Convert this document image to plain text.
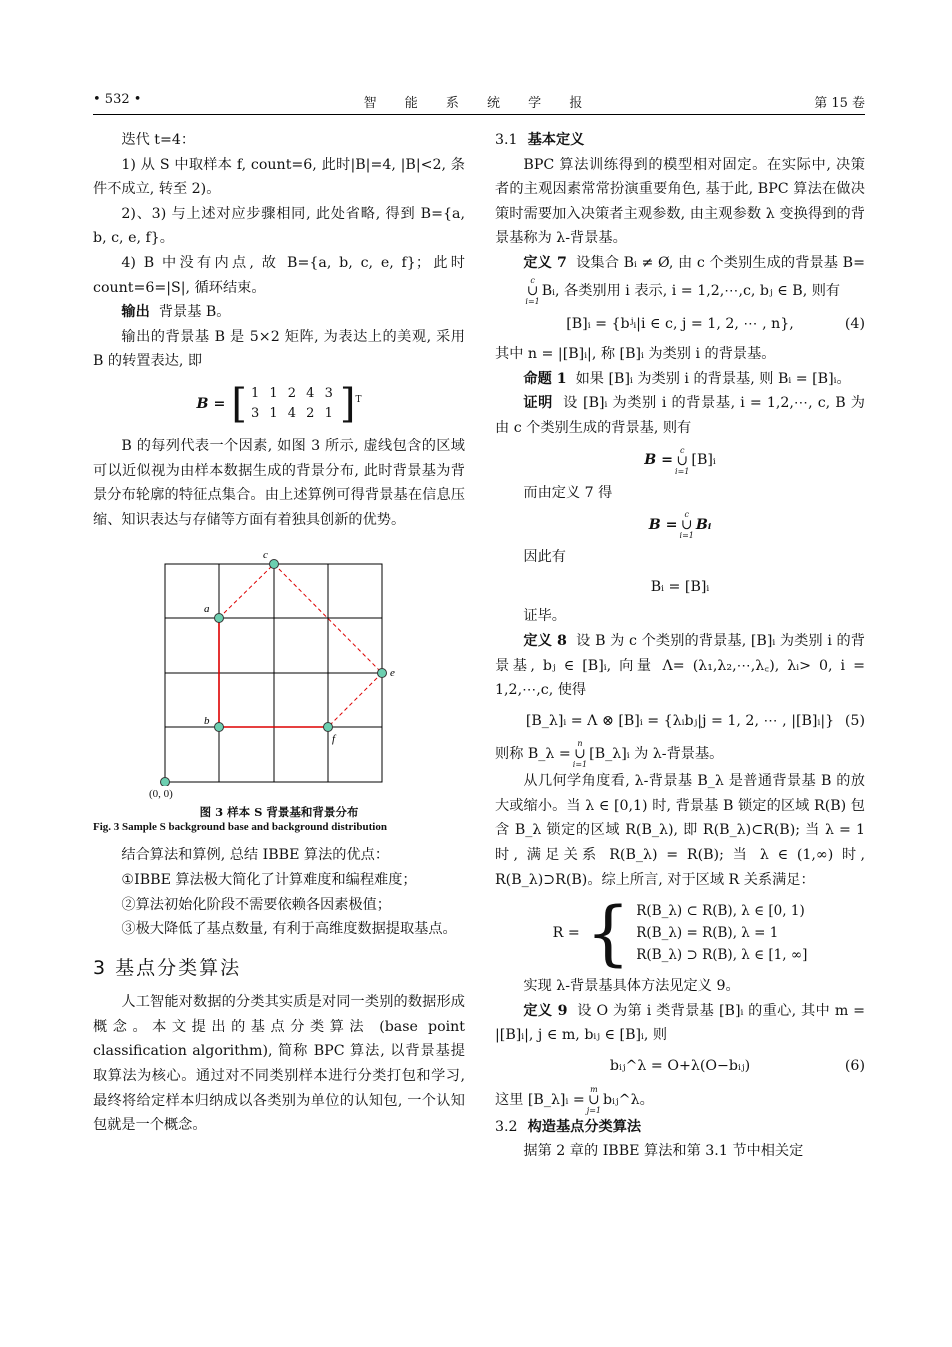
• 532 •	智 能 系 统 学 报	第 15 卷

迭代 t=4：

1) 从 S 中取样本 f, count=6, 此时|B|=4, |B|<2, 条件不成立, 转至 2)。

2)、3) 与上述对应步骤相同, 此处省略, 得到 B={a, b, c, e, f}。

4) B 中没有内点, 故 B={a, b, c, e, f}；此时 count=6=|S|, 循环结束。

输出 背景基 B。

输出的背景基 B 是 5×2 矩阵, 为表达上的美观, 采用 B 的转置表达, 即

B = [ 1 1 2 4 3
3 1 4 2 1 ]$^T$

B 的每列代表一个因素, 如图 3 所示, 虚线包含的区域可以近似视为由样本数据生成的背景分布, 此时背景基为背景分布轮廓的特征点集合。由上述算例可得背景基在信息压缩、知识表达与存储等方面有着独具创新的优势。

a
b
c
e
f
(0, 0)
图 3 样本 S 背景基和背景分布
Fig. 3 Sample S background base and background distribution

结合算法和算例, 总结 IBBE 算法的优点：

①IBBE 算法极大简化了计算难度和编程难度；

②算法初始化阶段不需要依赖各因素极值；

③极大降低了基点数量, 有利于高维度数据提取基点。

3 基点分类算法

人工智能对数据的分类其实质是对同一类别的数据形成概念。本文提出的基点分类算法 (base point classification algorithm), 简称 BPC 算法, 以背景基提取算法为核心。通过对不同类别样本进行分类打包和学习, 最终将给定样本归纳成以各类别为单位的认知包, 一个认知包就是一个概念。

3.1 基本定义

BPC 算法训练得到的模型相对固定。在实际中, 决策者的主观因素常常扮演重要角色, 基于此, BPC 算法在做决策时需要加入决策者主观参数, 由主观参数 λ 变换得到的背景基称为 λ-背景基。

定义 7 设集合 Bᵢ ≠ Ø, 由 c 个类别生成的背景基 B=
c
∪
i=1
Bᵢ, 各类别用 i 表示, i = 1,2,⋯,c, bⱼ ∈ B, 则有

[B]ᵢ = {bʲᵢ|i ∈ c, j = 1, 2, ⋯ , n},	(4)

其中 n = |[B]ᵢ|, 称 [B]ᵢ 为类别 i 的背景基。

命题 1 如果 [B]ᵢ 为类别 i 的背景基, 则 Bᵢ = [B]ᵢ。

证明 设 [B]ᵢ 为类别 i 的背景基, i = 1,2,⋯, c, B 为由 c 个类别生成的背景基, 则有

B =
c
∪
i=1
[B]ᵢ

而由定义 7 得

B =
c
∪
i=1
Bᵢ

因此有

Bᵢ = [B]ᵢ

证毕。

定义 8 设 B 为 c 个类别的背景基, [B]ᵢ 为类别 i 的背景基, bⱼ ∈ [B]ᵢ, 向量 Λ= (λ₁,λ₂,⋯,λ꜀), λᵢ> 0, i = 1,2,⋯,c, 使得

[B_λ]ᵢ = Λ ⊗ [B]ᵢ = {λᵢbⱼ|j = 1, 2, ⋯ , |[B]ᵢ|} (5)

则称 B_λ =
n
∪
i=1
[B_λ]ᵢ 为 λ-背景基。

从几何学角度看, λ-背景基 B_λ 是普通背景基 B 的放大或缩小。当 λ ∈ [0,1) 时, 背景基 B 锁定的区域 R(B) 包含 B_λ 锁定的区域 R(B_λ), 即 R(B_λ)⊂R(B); 当 λ = 1 时, 满足关系 R(B_λ) = R(B); 当 λ ∈ (1,∞) 时, R(B_λ)⊃R(B)。综上所言, 对于区域 R 关系满足：

R = { R(B_λ) ⊂ R(B), λ ∈ [0, 1)
R(B_λ) = R(B), λ = 1
R(B_λ) ⊃ R(B), λ ∈ [1, ∞]

实现 λ-背景基具体方法见定义 9。

定义 9 设 O 为第 i 类背景基 [B]ᵢ 的重心, 其中 m = |[B]ᵢ|, j ∈ m, bᵢⱼ ∈ [B]ᵢ, 则

bᵢⱼ^λ = O+λ(O−bᵢⱼ)	(6)

这里 [B_λ]ᵢ =
m
∪
j=1
bᵢⱼ^λ。

3.2 构造基点分类算法

据第 2 章的 IBBE 算法和第 3.1 节中相关定
